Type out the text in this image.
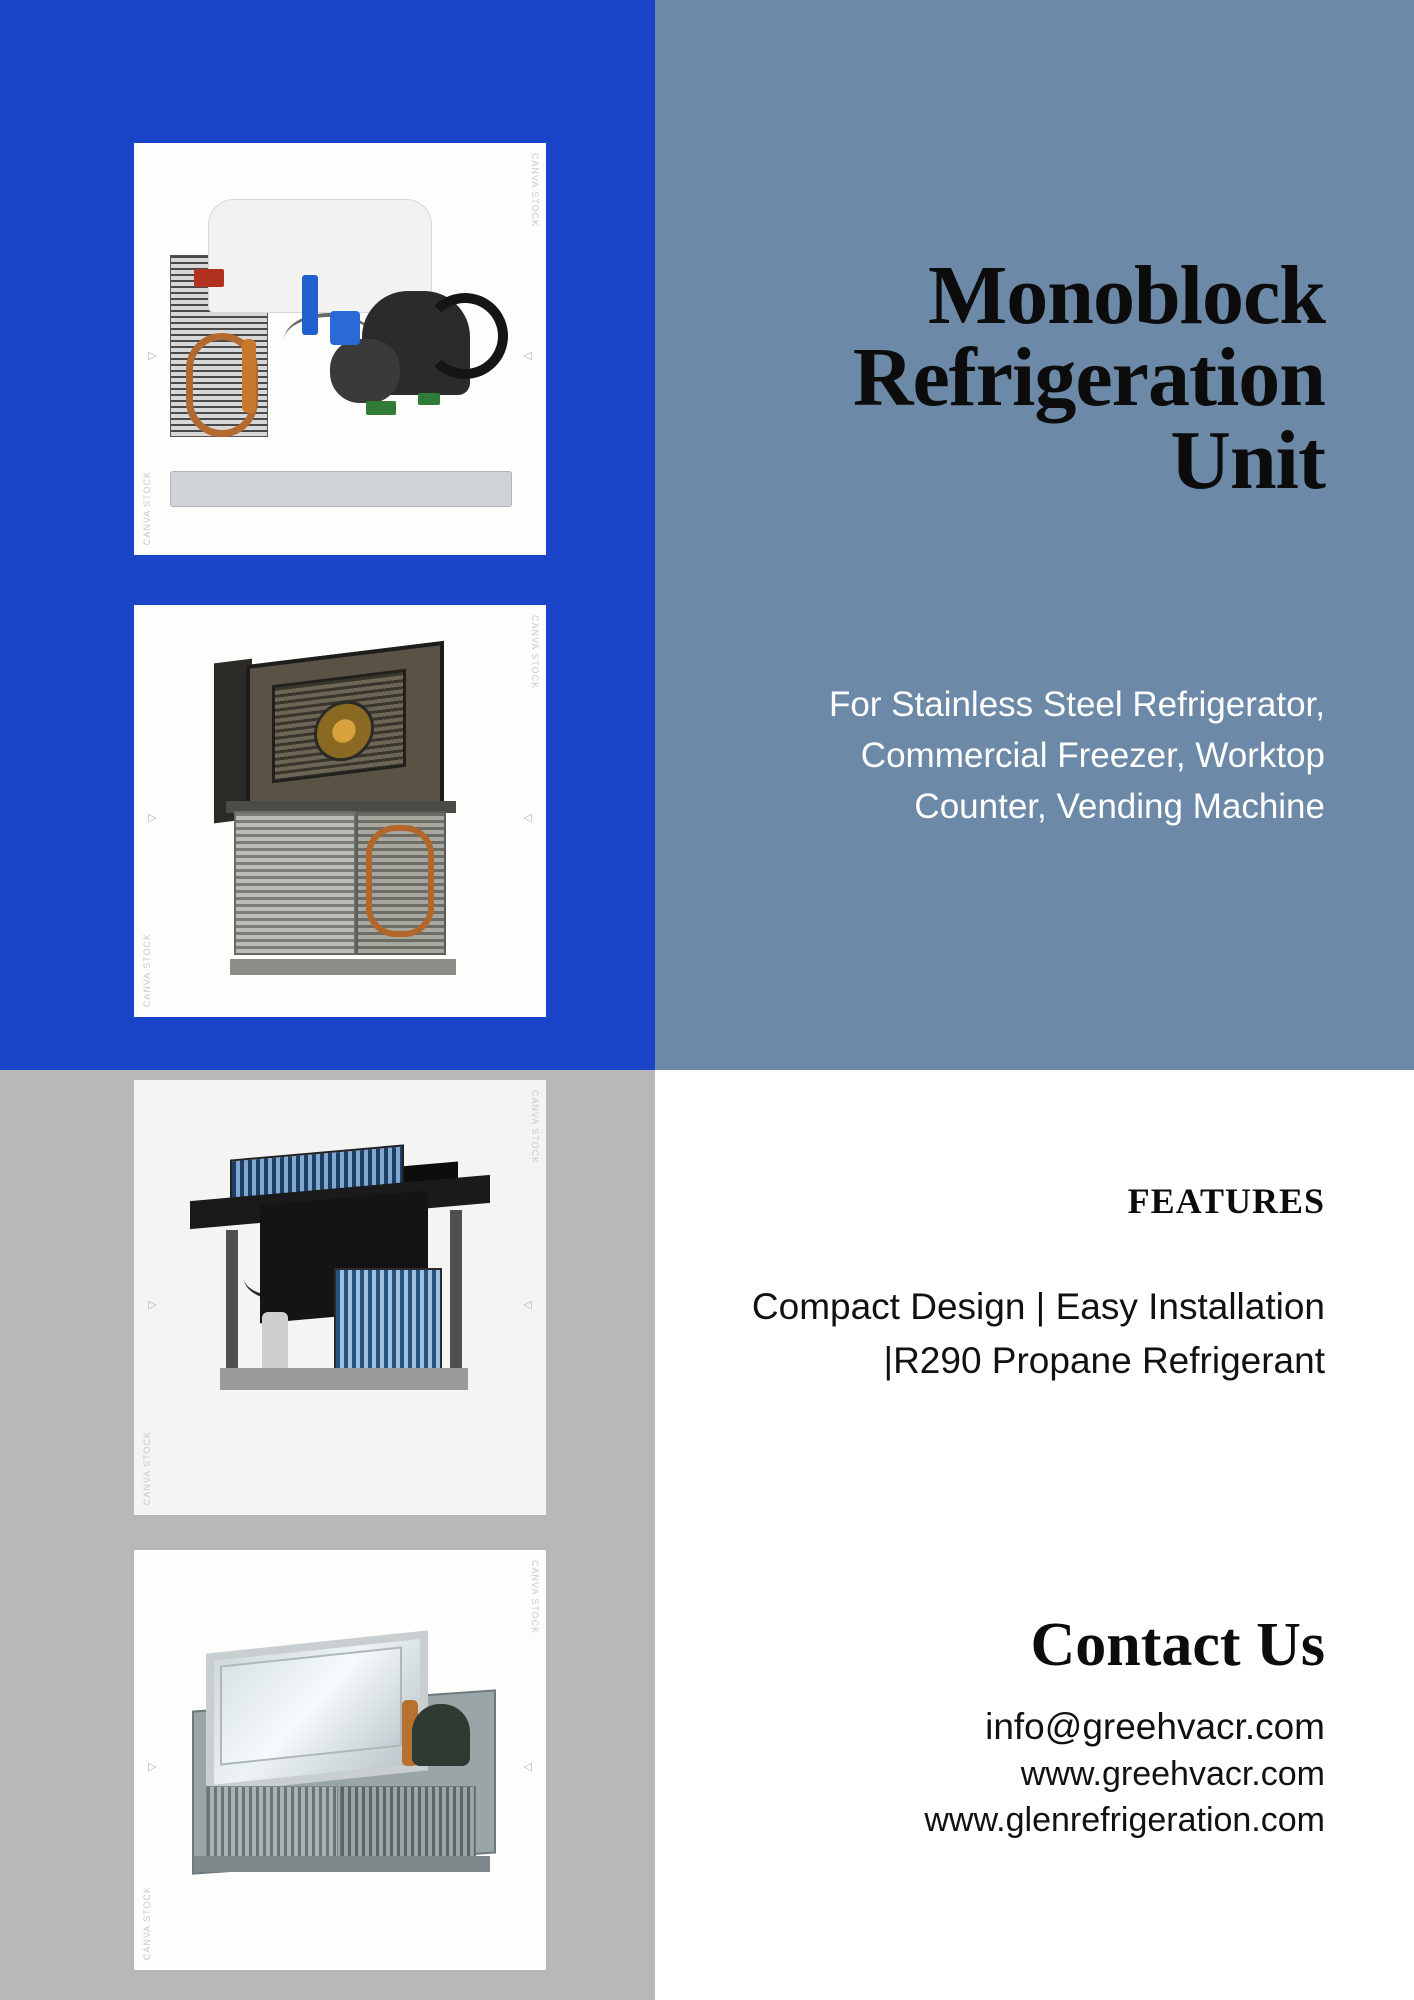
CANVA STOCK
CANVA STOCK
▷	◁
CANVA STOCK
CANVA STOCK
▷	◁
CANVA STOCK
CANVA STOCK
▷	◁
CANVA STOCK
CANVA STOCK
▷	◁
Monoblock
Refrigeration
Unit
For Stainless Steel Refrigerator, Commercial Freezer, Worktop Counter, Vending Machine
FEATURES
Compact Design | Easy Installation |R290 Propane Refrigerant
Contact Us
info@greehvacr.com
www.greehvacr.com
www.glenrefrigeration.com
